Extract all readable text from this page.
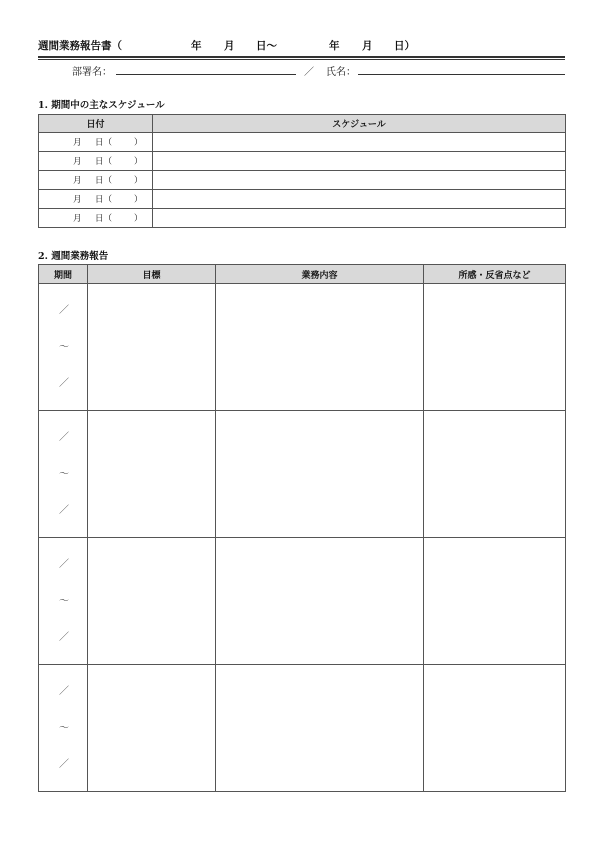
週間業務報告書（	年 月 日〜	年 月 日）
部署名：	／ 氏名：
1. 期間中の主なスケジュール
日付	スケジュール

月 日（ ）	

月 日（ ）	

月 日（ ）	

月 日（ ）	

月 日（ ）	

2. 週間業務報告
期間	目標	業務内容	所感・反省点など

／
〜
／			

／
〜
／			

／
〜
／			

／
〜
／			
